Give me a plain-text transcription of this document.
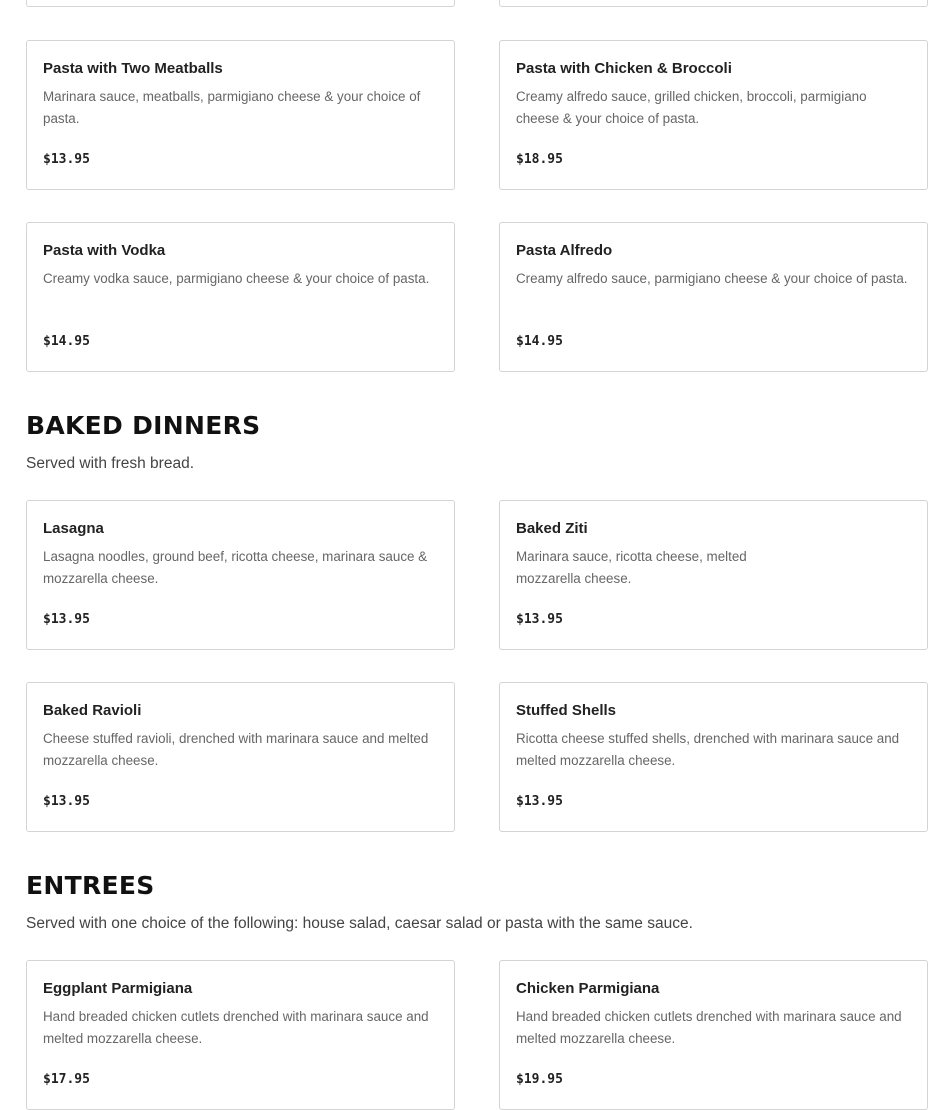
Pasta with Two Meatballs
Marinara sauce, meatballs, parmigiano cheese & your choice of pasta.
$13.95
Pasta with Chicken & Broccoli
Creamy alfredo sauce, grilled chicken, broccoli, parmigiano cheese & your choice of pasta.
$18.95
Pasta with Vodka
Creamy vodka sauce, parmigiano cheese & your choice of pasta.
$14.95
Pasta Alfredo
Creamy alfredo sauce, parmigiano cheese & your choice of pasta.
$14.95
BAKED DINNERS
Served with fresh bread.
Lasagna
Lasagna noodles, ground beef, ricotta cheese, marinara sauce & mozzarella cheese.
$13.95
Baked Ziti
Marinara sauce, ricotta cheese, melted mozzarella cheese.
$13.95
Baked Ravioli
Cheese stuffed ravioli, drenched with marinara sauce and melted mozzarella cheese.
$13.95
Stuffed Shells
Ricotta cheese stuffed shells, drenched with marinara sauce and melted mozzarella cheese.
$13.95
ENTREES
Served with one choice of the following: house salad, caesar salad or pasta with the same sauce.
Eggplant Parmigiana
Hand breaded chicken cutlets drenched with marinara sauce and melted mozzarella cheese.
$17.95
Chicken Parmigiana
Hand breaded chicken cutlets drenched with marinara sauce and melted mozzarella cheese.
$19.95
